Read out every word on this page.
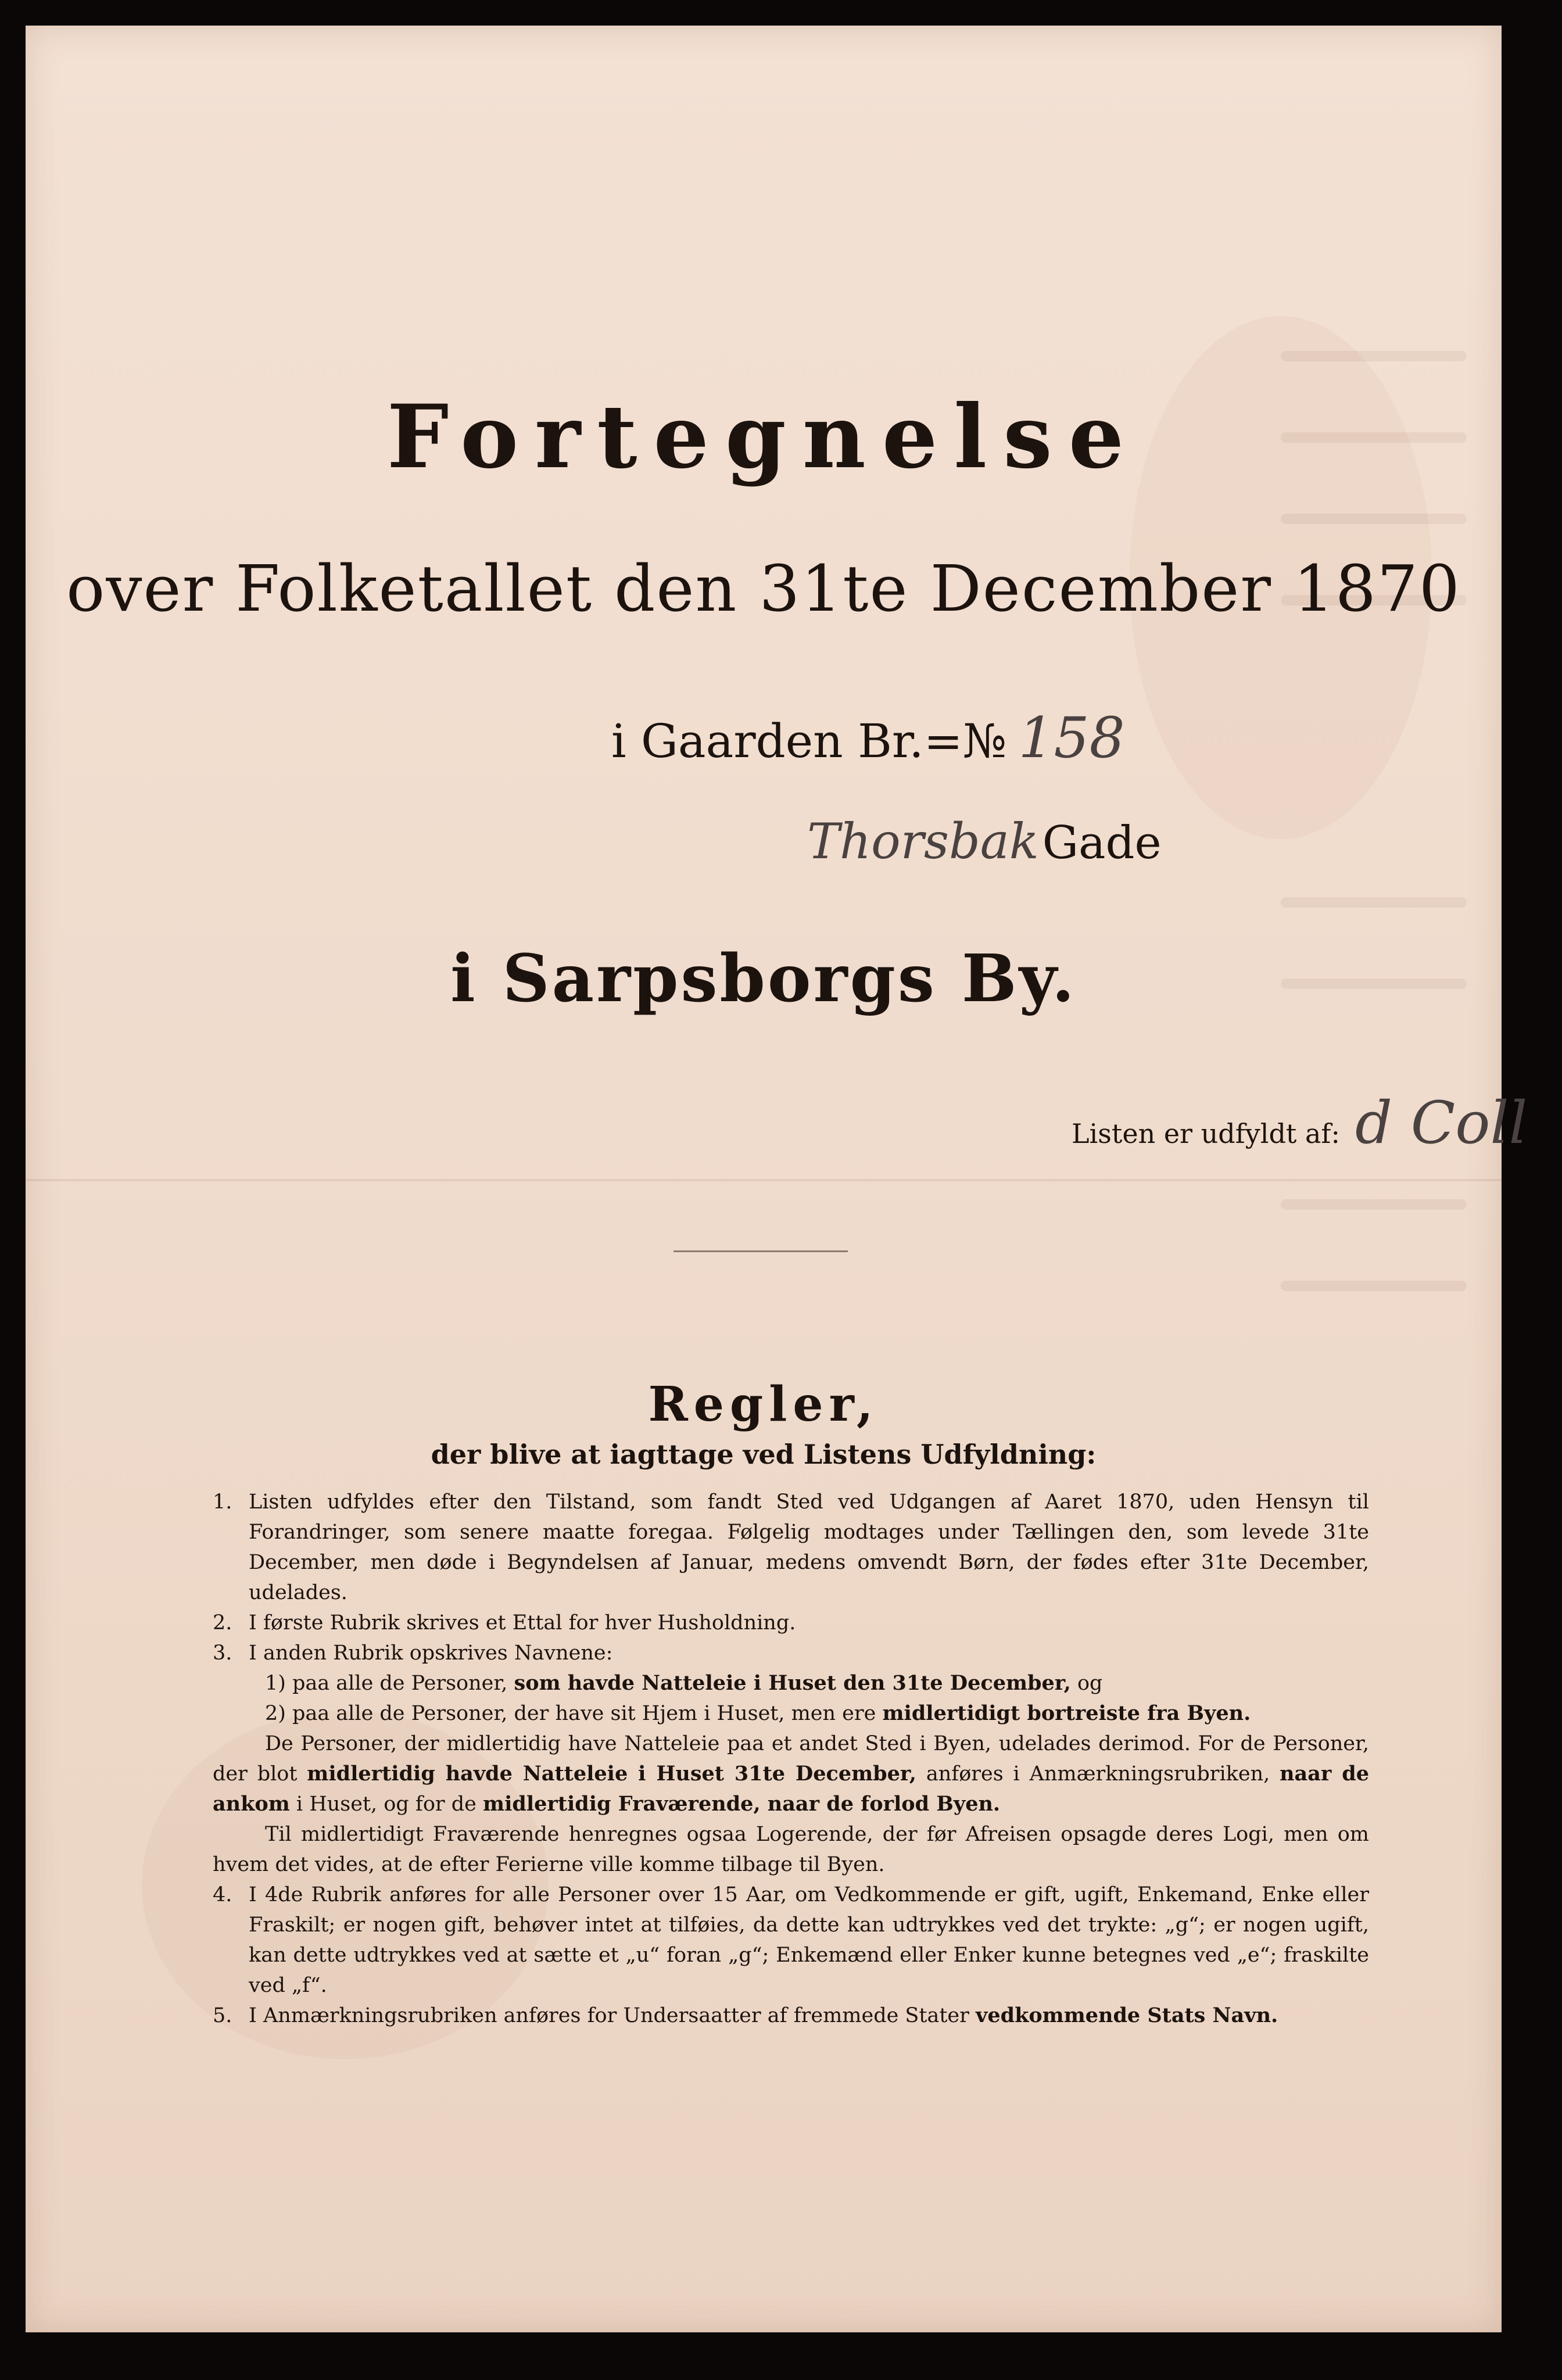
Fortegnelse
over Folketallet den 31te December 1870
i Gaarden Br.=№ 158
ThorsbakGade
i Sarpsborgs By.
Listen er udfyldt af: d Coll
Regler,
der blive at iagttage ved Listens Udfyldning:

1. Listen udfyldes efter den Tilstand, som fandt Sted ved Udgangen af Aaret 1870, uden Hensyn til Forandringer, som senere maatte foregaa. Følgelig modtages under Tællingen den, som levede 31te December, men døde i Begyndelsen af Januar, medens omvendt Børn, der fødes efter 31te December, udelades.

2. I første Rubrik skrives et Ettal for hver Husholdning.

3. I anden Rubrik opskrives Navnene:

1) paa alle de Personer, som havde Natteleie i Huset den 31te December, og

2) paa alle de Personer, der have sit Hjem i Huset, men ere midlertidigt bortreiste fra Byen.

De Personer, der midlertidig have Natteleie paa et andet Sted i Byen, udelades derimod. For de Personer, der blot midlertidig havde Natteleie i Huset 31te December, anføres i Anmærkningsrubriken, naar de ankom i Huset, og for de midlertidig Fraværende, naar de forlod Byen.

Til midlertidigt Fraværende henregnes ogsaa Logerende, der før Afreisen opsagde deres Logi, men om hvem det vides, at de efter Ferierne ville komme tilbage til Byen.

4. I 4de Rubrik anføres for alle Personer over 15 Aar, om Vedkommende er gift, ugift, Enkemand, Enke eller Fraskilt; er nogen gift, behøver intet at tilføies, da dette kan udtrykkes ved det trykte: „g“; er nogen ugift, kan dette udtrykkes ved at sætte et „u“ foran „g“; Enkemænd eller Enker kunne betegnes ved „e“; fraskilte ved „f“.

5. I Anmærkningsrubriken anføres for Undersaatter af fremmede Stater vedkommende Stats Navn.
